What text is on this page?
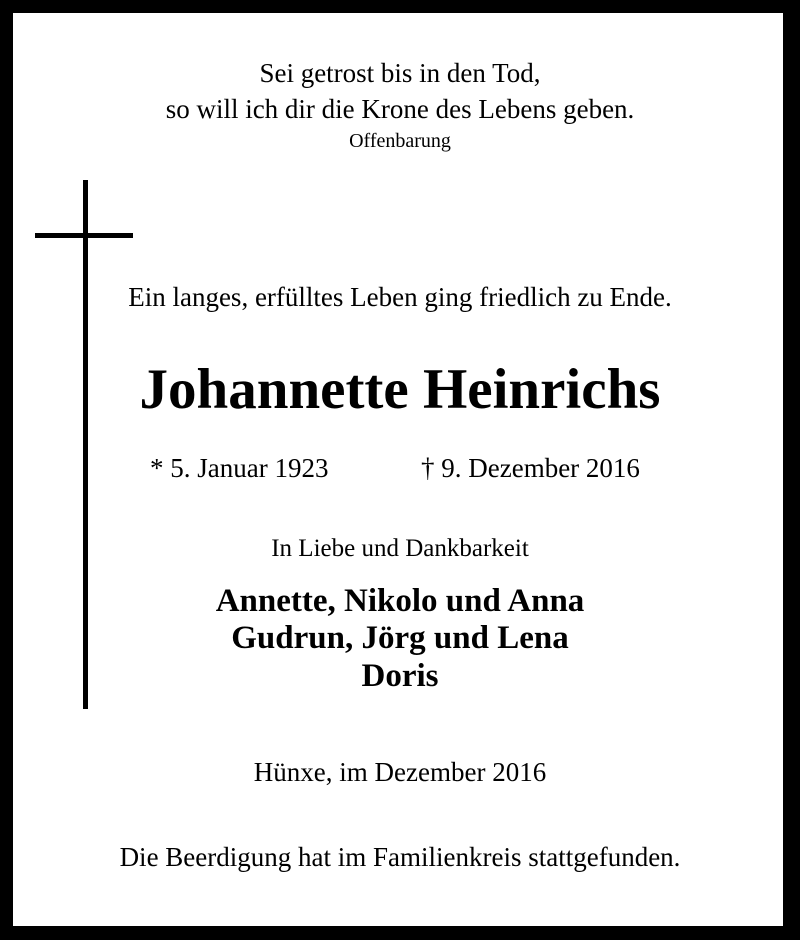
Sei getrost bis in den Tod,
so will ich dir die Krone des Lebens geben.
Offenbarung
Ein langes, erfülltes Leben ging friedlich zu Ende.
Johannette Heinrichs
* 5. Januar 1923	† 9. Dezember 2016
In Liebe und Dankbarkeit
Annette, Nikolo und Anna
Gudrun, Jörg und Lena
Doris
Hünxe, im Dezember 2016
Die Beerdigung hat im Familienkreis stattgefunden.
